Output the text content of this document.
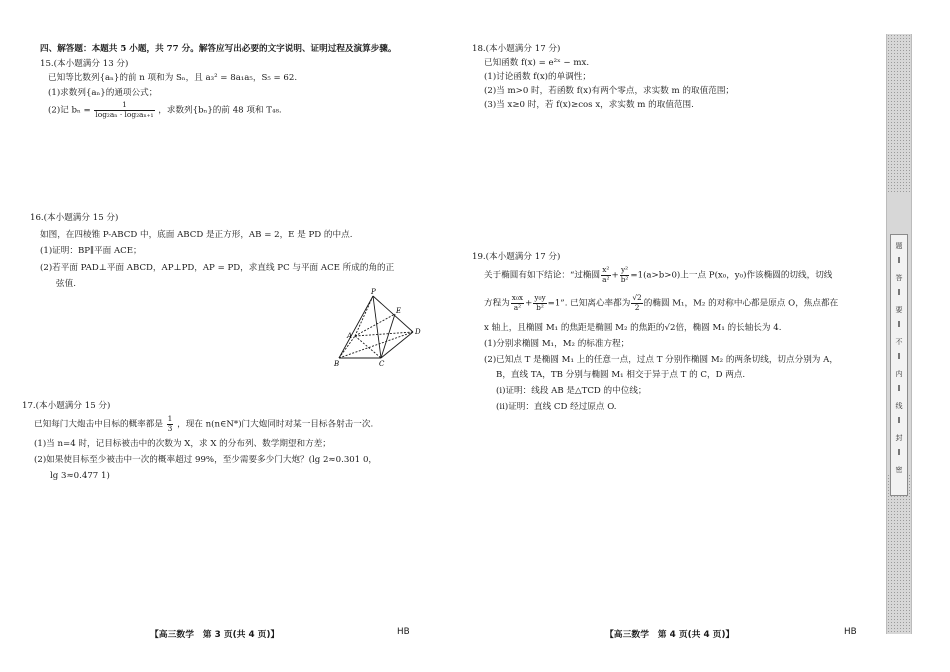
四、解答题：本题共 5 小题，共 77 分。解答应写出必要的文字说明、证明过程及演算步骤。
15.(本小题满分 13 分)
已知等比数列{aₙ}的前 n 项和为 Sₙ，且 a₃² = 8a₁a₅，S₅ = 62.
(1)求数列{aₙ}的通项公式；
(2)记 $b_n = \frac{1}{\text{log₂aₙ · log₂aₙ₊₁}}$ ，求数列{bₙ}的前 48 项和 T₄₈.
16.(本小题满分 15 分)
如图，在四棱锥 P-ABCD 中，底面 ABCD 是正方形，AB = 2，E 是 PD 的中点.
(1)证明：BP∥平面 ACE；
(2)若平面 PAD⊥平面 ABCD，AP⊥PD，AP = PD，求直线 PC 与平面 ACE 所成的角的正
弦值.
P
A
B	C
D
E
17.(本小题满分 15 分)
已知每门大炮击中目标的概率都是 $\frac{1}{3}$ ，现在 n(n∈N*)门大炮同时对某一目标各射击一次.
(1)当 n=4 时，记目标被击中的次数为 X，求 X 的分布列、数学期望和方差；
(2)如果使目标至少被击中一次的概率超过 99%，至少需要多少门大炮？(lg 2≈0.301 0，
lg 3≈0.477 1)
【高三数学　第 3 页(共 4 页)】	HB
18.(本小题满分 17 分)
已知函数 f(x) = e²ˣ − mx.
(1)讨论函数 f(x)的单调性；
(2)当 m>0 时，若函数 f(x)有两个零点，求实数 m 的取值范围；
(3)当 x≥0 时，若 f(x)≥cos x，求实数 m 的取值范围.
19.(本小题满分 17 分)
关于椭圆有如下结论：“过椭圆 $\frac{\text{x²}}{\text{a²}} + \frac{\text{y²}}{\text{b²}} =1(a>b>0)$上一点 P(x₀，y₀)作该椭圆的切线，切线
方程为 $\frac{\text{x₀x}}{\text{a²}} + \frac{\text{y₀y}}{\text{b²}} =1$”. 已知离心率都为 $\frac{√2}{2}$ 的椭圆 M₁，M₂ 的对称中心都是原点 O，焦点都在
x 轴上，且椭圆 M₁ 的焦距是椭圆 M₂ 的焦距的√2倍，椭圆 M₁ 的长轴长为 4.
(1)分别求椭圆 M₁，M₂ 的标准方程；
(2)已知点 T 是椭圆 M₁ 上的任意一点，过点 T 分别作椭圆 M₂ 的两条切线，切点分别为 A，
B，直线 TA，TB 分别与椭圆 M₁ 相交于异于点 T 的 C，D 两点.
(i)证明：线段 AB 是△TCD 的中位线；
(ii)证明：直线 CD 经过原点 O.
【高三数学　第 4 页(共 4 页)】	HB
题
答
要
不
内
线
封
密
